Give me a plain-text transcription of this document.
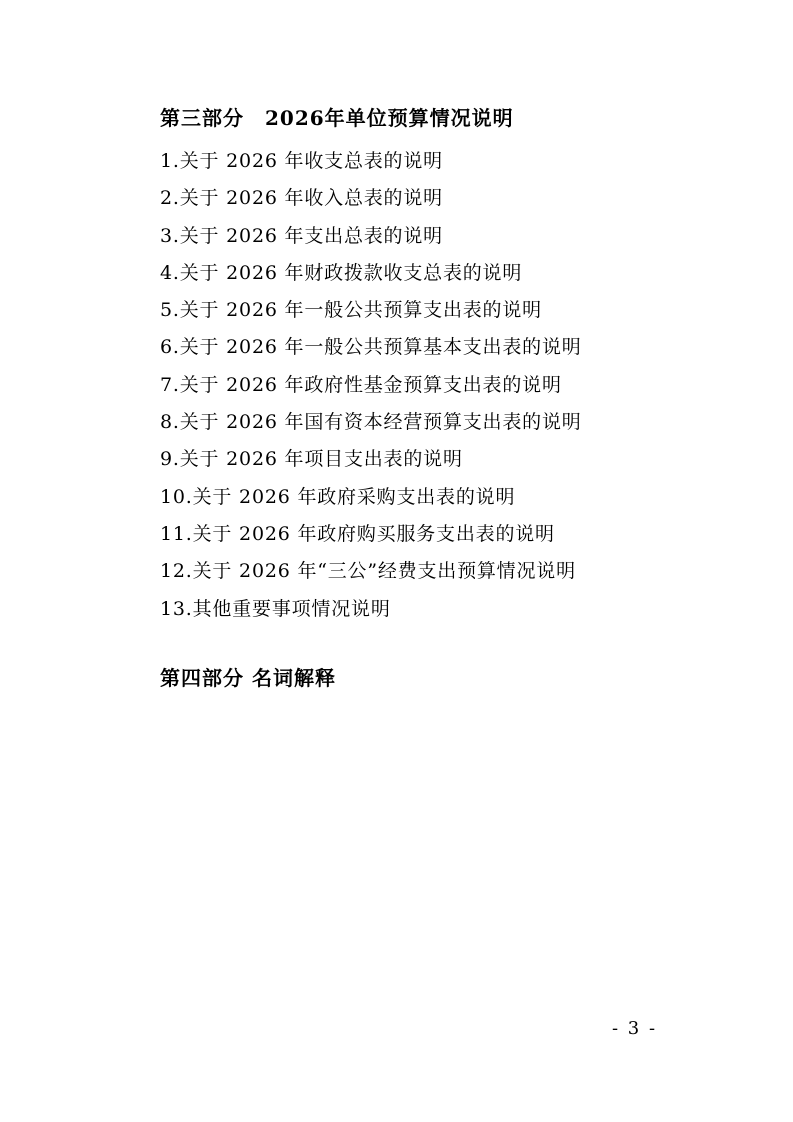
第三部分　2026年单位预算情况说明
1.关于 2026 年收支总表的说明
2.关于 2026 年收入总表的说明
3.关于 2026 年支出总表的说明
4.关于 2026 年财政拨款收支总表的说明
5.关于 2026 年一般公共预算支出表的说明
6.关于 2026 年一般公共预算基本支出表的说明
7.关于 2026 年政府性基金预算支出表的说明
8.关于 2026 年国有资本经营预算支出表的说明
9.关于 2026 年项目支出表的说明
10.关于 2026 年政府采购支出表的说明
11.关于 2026 年政府购买服务支出表的说明
12.关于 2026 年“三公”经费支出预算情况说明
13.其他重要事项情况说明
第四部分 名词解释
- 3 -
